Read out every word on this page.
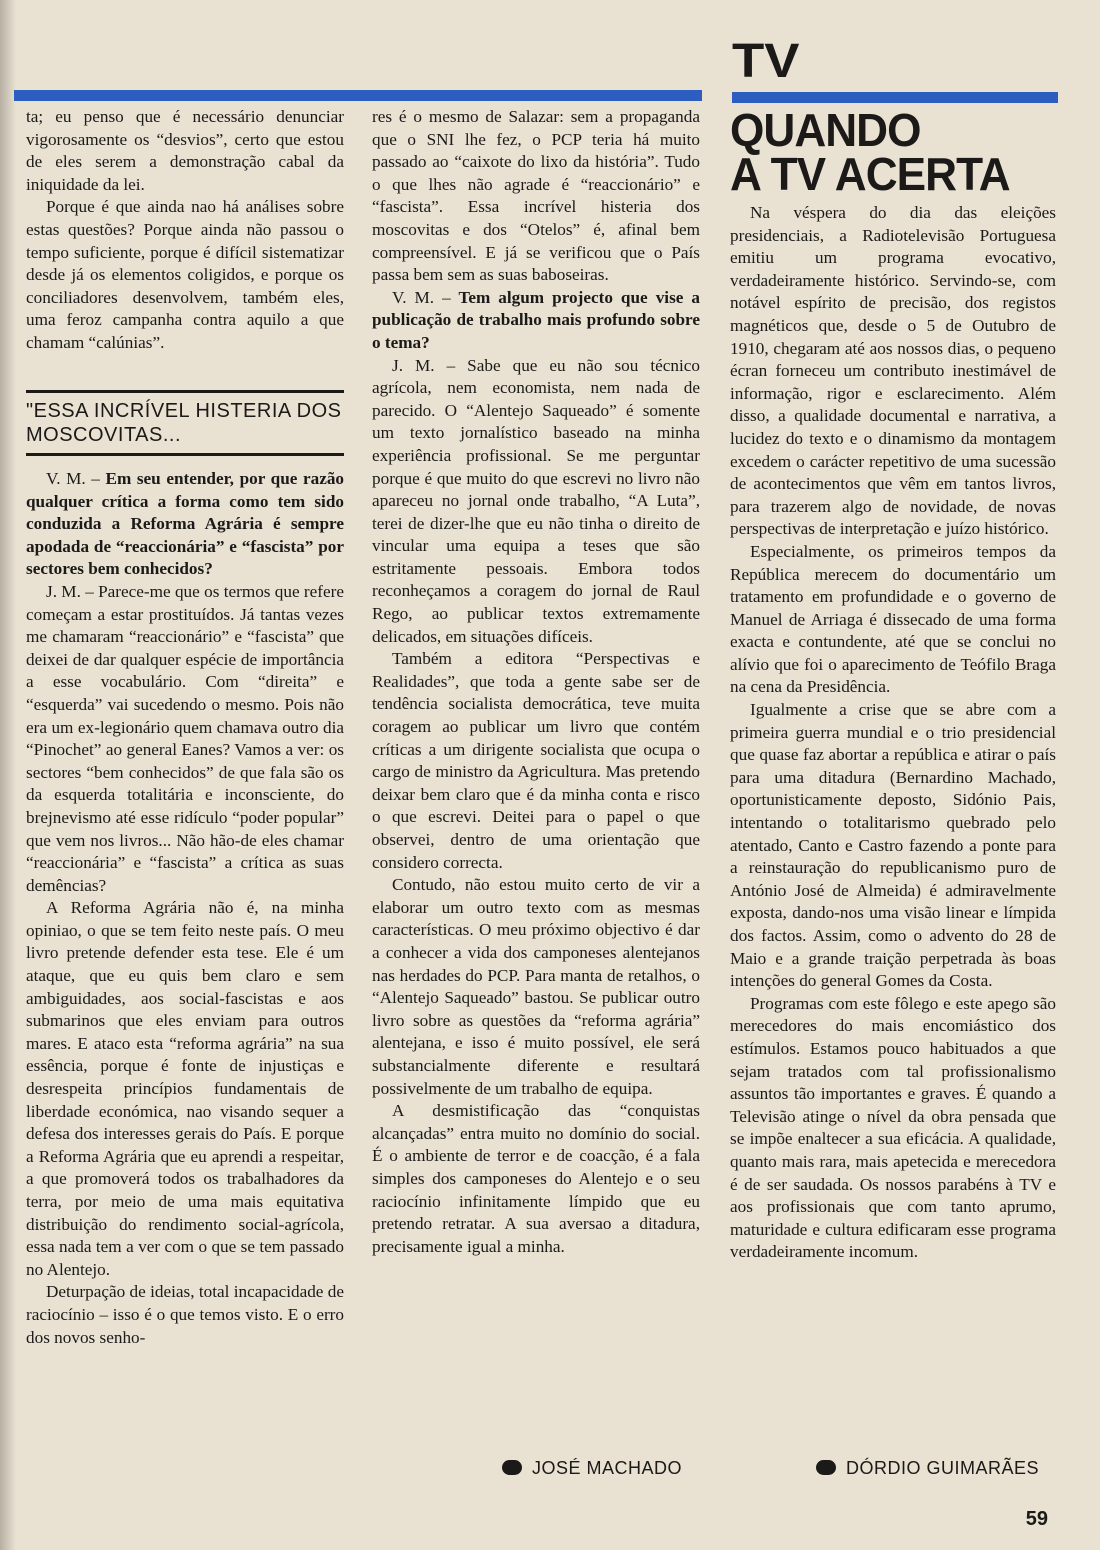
TV
QUANDO
A TV ACERTA

ta; eu penso que é necessário denunciar vigorosamente os “desvios”, certo que estou de eles serem a demonstração cabal da iniquidade da lei.

Porque é que ainda nao há análises sobre estas questões? Porque ainda não passou o tempo suficiente, porque é difícil sistematizar desde já os elementos coligidos, e porque os conciliadores desenvolvem, também eles, uma feroz campanha contra aquilo a que chamam “calúnias”.

"ESSA INCRÍVEL HISTERIA DOS MOSCOVITAS...

V. M. – Em seu entender, por que razão qualquer crítica a forma como tem sido conduzida a Reforma Agrária é sempre apodada de “reaccionária” e “fascista” por sectores bem conhecidos?

J. M. – Parece-me que os termos que refere começam a estar prostituídos. Já tantas vezes me chamaram “reaccionário” e “fascista” que deixei de dar qualquer espécie de importância a esse vocabulário. Com “direita” e “esquerda” vai sucedendo o mesmo. Pois não era um ex-legionário quem chamava outro dia “Pinochet” ao general Eanes? Vamos a ver: os sectores “bem conhecidos” de que fala são os da esquerda totalitária e inconsciente, do brejnevismo até esse ridículo “poder popular” que vem nos livros... Não hão-de eles chamar “reaccionária” e “fascista” a crítica as suas demências?

A Reforma Agrária não é, na minha opiniao, o que se tem feito neste país. O meu livro pretende defender esta tese. Ele é um ataque, que eu quis bem claro e sem ambiguidades, aos social-fascistas e aos submarinos que eles enviam para outros mares. E ataco esta “reforma agrária” na sua essência, porque é fonte de injustiças e desrespeita princípios fundamentais de liberdade económica, nao visando sequer a defesa dos interesses gerais do País. E porque a Reforma Agrária que eu aprendi a respeitar, a que promoverá todos os trabalhadores da terra, por meio de uma mais equitativa distribuição do rendimento social-agrícola, essa nada tem a ver com o que se tem passado no Alentejo.

Deturpação de ideias, total incapacidade de raciocínio – isso é o que temos visto. E o erro dos novos senho-

res é o mesmo de Salazar: sem a propaganda que o SNI lhe fez, o PCP teria há muito passado ao “caixote do lixo da história”. Tudo o que lhes não agrade é “reaccionário” e “fascista”. Essa incrível histeria dos moscovitas e dos “Otelos” é, afinal bem compreensível. E já se verificou que o País passa bem sem as suas baboseiras.

V. M. – Tem algum projecto que vise a publicação de trabalho mais profundo sobre o tema?

J. M. – Sabe que eu não sou técnico agrícola, nem economista, nem nada de parecido. O “Alentejo Saqueado” é somente um texto jornalístico baseado na minha experiência profissional. Se me perguntar porque é que muito do que escrevi no livro não apareceu no jornal onde trabalho, “A Luta”, terei de dizer-lhe que eu não tinha o direito de vincular uma equipa a teses que são estritamente pessoais. Embora todos reconheçamos a coragem do jornal de Raul Rego, ao publicar textos extremamente delicados, em situações difíceis.

Também a editora “Perspectivas e Realidades”, que toda a gente sabe ser de tendência socialista democrática, teve muita coragem ao publicar um livro que contém críticas a um dirigente socialista que ocupa o cargo de ministro da Agricultura. Mas pretendo deixar bem claro que é da minha conta e risco o que escrevi. Deitei para o papel o que observei, dentro de uma orientação que considero correcta.

Contudo, não estou muito certo de vir a elaborar um outro texto com as mesmas características. O meu próximo objectivo é dar a conhecer a vida dos camponeses alentejanos nas herdades do PCP. Para manta de retalhos, o “Alentejo Saqueado” bastou. Se publicar outro livro sobre as questões da “reforma agrária” alentejana, e isso é muito possível, ele será substancialmente diferente e resultará possivelmente de um trabalho de equipa.

A desmistificação das “conquistas alcançadas” entra muito no domínio do social. É o ambiente de terror e de coacção, é a fala simples dos camponeses do Alentejo e o seu raciocínio infinitamente límpido que eu pretendo retratar. A sua aversao a ditadura, precisamente igual a minha.

JOSÉ MACHADO

Na véspera do dia das eleições presidenciais, a Radiotelevisão Portuguesa emitiu um programa evocativo, verdadeiramente histórico. Servindo-se, com notável espírito de precisão, dos registos magnéticos que, desde o 5 de Outubro de 1910, chegaram até aos nossos dias, o pequeno écran forneceu um contributo inestimável de informação, rigor e esclarecimento. Além disso, a qualidade documental e narrativa, a lucidez do texto e o dinamismo da montagem excedem o carácter repetitivo de uma sucessão de acontecimentos que vêm em tantos livros, para trazerem algo de novidade, de novas perspectivas de interpretação e juízo histórico.

Especialmente, os primeiros tempos da República merecem do documentário um tratamento em profundidade e o governo de Manuel de Arriaga é dissecado de uma forma exacta e contundente, até que se conclui no alívio que foi o aparecimento de Teófilo Braga na cena da Presidência.

Igualmente a crise que se abre com a primeira guerra mundial e o trio presidencial que quase faz abortar a república e atirar o país para uma ditadura (Bernardino Machado, oportunisticamente deposto, Sidónio Pais, intentando o totalitarismo quebrado pelo atentado, Canto e Castro fazendo a ponte para a reinstauração do republicanismo puro de António José de Almeida) é admiravelmente exposta, dando-nos uma visão linear e límpida dos factos. Assim, como o advento do 28 de Maio e a grande traição perpetrada às boas intenções do general Gomes da Costa.

Programas com este fôlego e este apego são merecedores do mais encomiástico dos estímulos. Estamos pouco habituados a que sejam tratados com tal profissionalismo assuntos tão importantes e graves. É quando a Televisão atinge o nível da obra pensada que se impõe enaltecer a sua eficácia. A qualidade, quanto mais rara, mais apetecida e merecedora é de ser saudada. Os nossos parabéns à TV e aos profissionais que com tanto aprumo, maturidade e cultura edificaram esse programa verdadeiramente incomum.

DÓRDIO GUIMARÃES
59
